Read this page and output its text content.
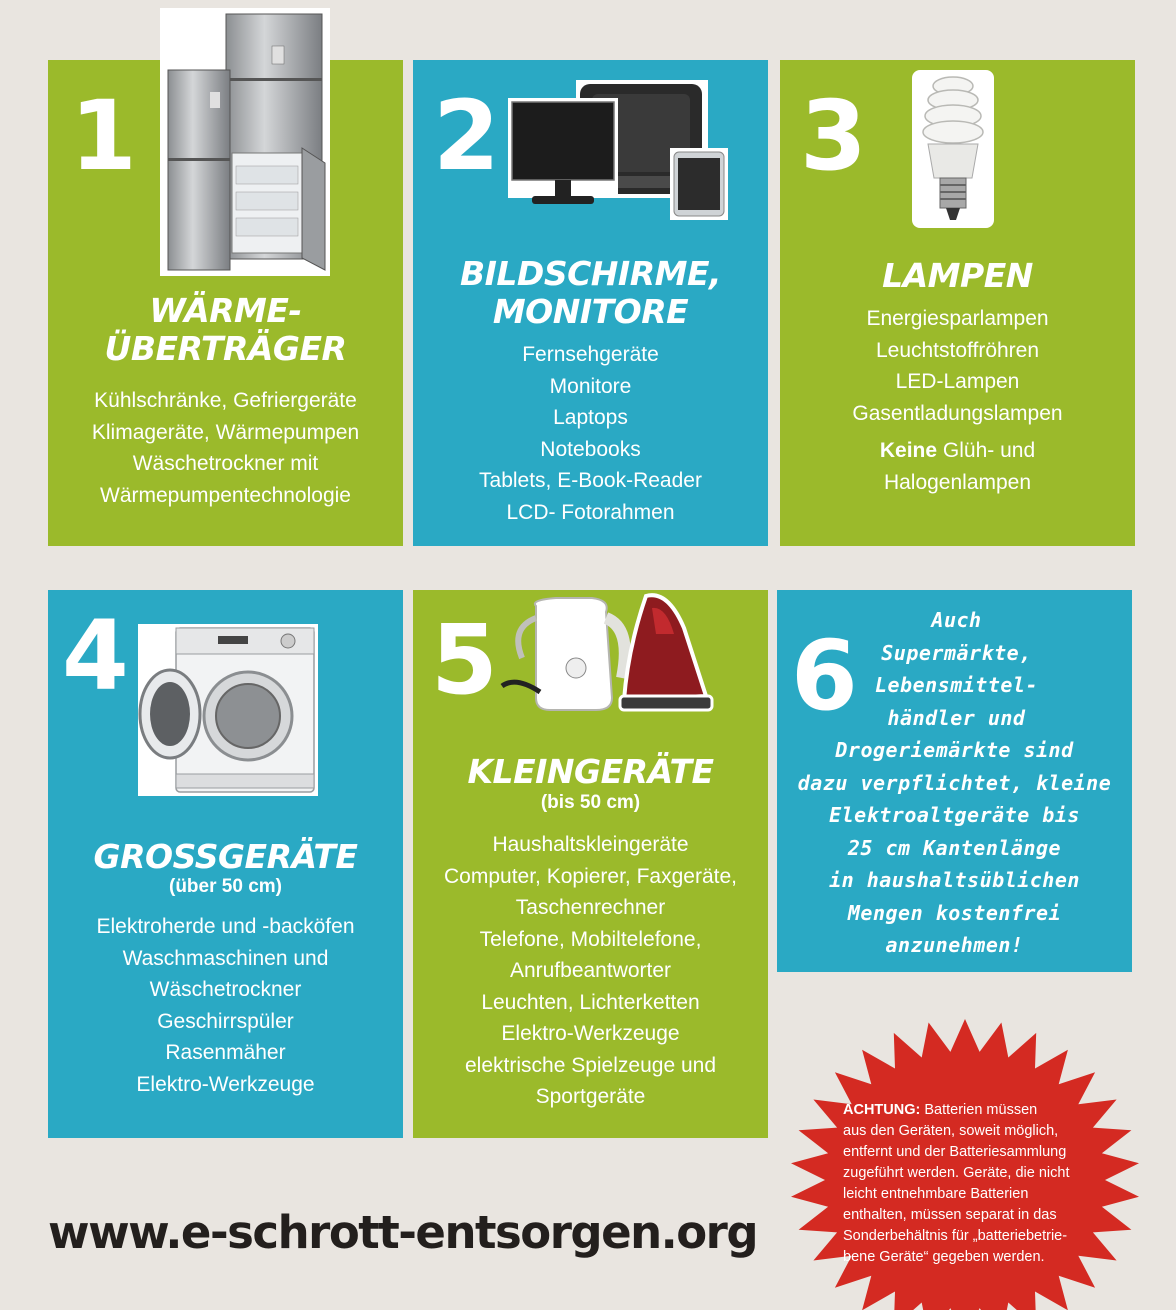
1
WÄRME-
ÜBERTRÄGER
Kühlschränke, Gefriergeräte
Klimageräte, Wärmepumpen
Wäschetrockner mit
Wärmepumpentechnologie
2
BILDSCHIRME,
MONITORE
Fernsehgeräte
Monitore
Laptops
Notebooks
Tablets, E-Book-Reader
LCD- Fotorahmen
3
LAMPEN
Energiesparlampen
Leuchtstoffröhren
LED-Lampen
Gasentladungslampen
Keine Glüh- und
Halogenlampen
4
GROSSGERÄTE
(über 50 cm)
Elektroherde und -backöfen
Waschmaschinen und
Wäschetrockner
Geschirrspüler
Rasenmäher
Elektro-Werkzeuge
5
KLEINGERÄTE
(bis 50 cm)
Haushaltskleingeräte
Computer, Kopierer, Faxgeräte,
Taschenrechner
Telefone, Mobiltelefone,
Anrufbeantworter
Leuchten, Lichterketten
Elektro-Werkzeuge
elektrische Spielzeuge und
Sportgeräte
6	Auch
Supermärkte,
Lebensmittel-
händler und
Drogeriemärkte sind
dazu verpflichtet, kleine
Elektroaltgeräte bis
25 cm Kantenlänge
in haushaltsüblichen
Mengen kostenfrei
anzunehmen!
ACHTUNG: Batterien müssen
aus den Geräten, soweit möglich,
entfernt und der Batteriesammlung
zugeführt werden. Geräte, die nicht
leicht entnehmbare Batterien
enthalten, müssen separat in das
Sonderbehältnis für „batteriebetrie-
bene Geräte“ gegeben werden.
www.e-schrott-entsorgen.org
